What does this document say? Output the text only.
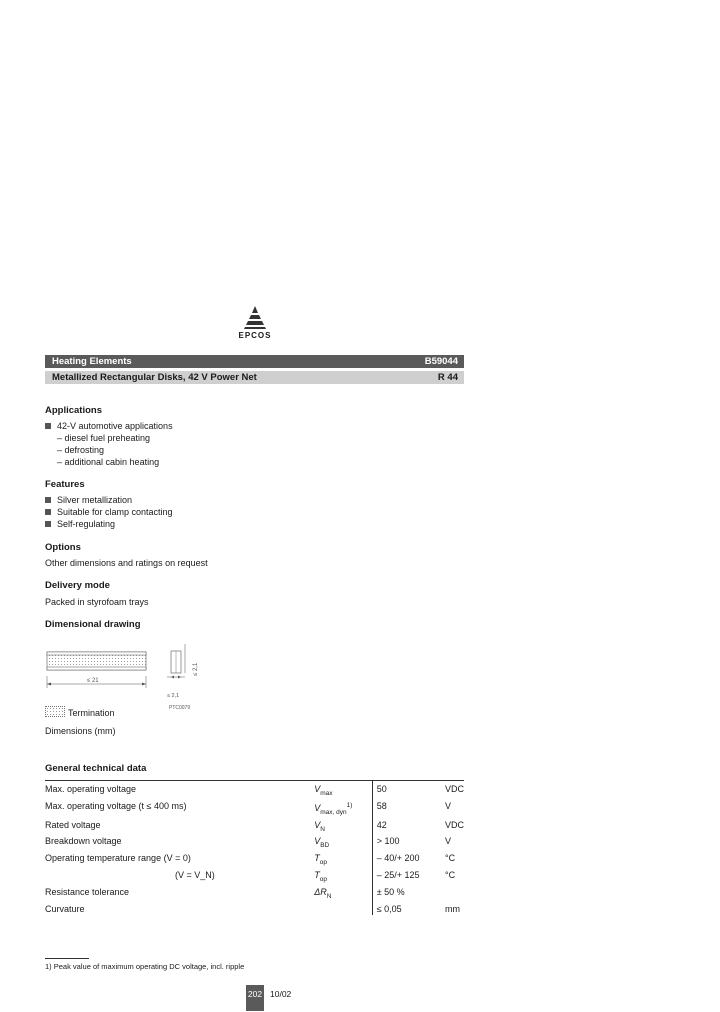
EPCOS
Heating Elements	B59044
Metallized Rectangular Disks, 42 V Power Net	R 44
Applications
42-V automotive applications
– diesel fuel preheating
– defrosting
– additional cabin heating
Features
Silver metallization
Suitable for clamp contacting
Self-regulating
Options
Other dimensions and ratings on request
Delivery mode
Packed in styrofoam trays
Dimensional drawing
≤ 21
≤ 2,1
≤ 2,1
PTC0079
Termination
Dimensions (mm)
General technical data
Max. operating voltage	$V_{max}$	50	VDC
Max. operating voltage (t ≤ 400 ms)	$V_{max, dyn}^{1)}$	58	V
Rated voltage	$V_N$	42	VDC
Breakdown voltage	$V_{BD}$	> 100	V
Operating temperature range (V = 0)	$T_{op}$	– 40/+ 200	°C
(V = V_N)	$T_{op}$	– 25/+ 125	°C
Resistance tolerance	$\Delta R_N$	± 50 %	
Curvature		≤ 0,05	mm
1) Peak value of maximum operating DC voltage, incl. ripple
202 10/02
